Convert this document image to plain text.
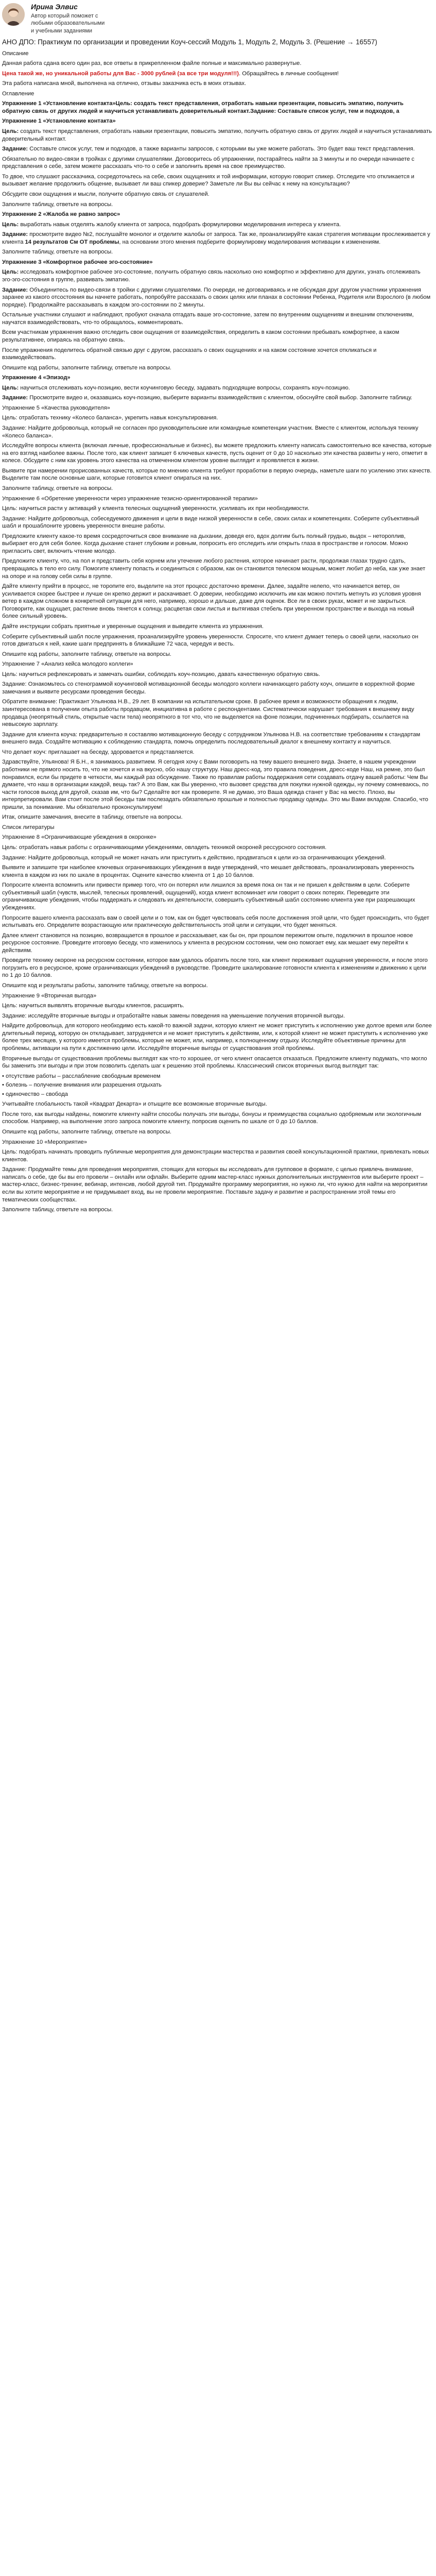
Ирина Элвис
Автор который поможет с любыми образовательными и учебными заданиями
АНО ДПО: Практикум по организации и проведении Коуч-сессий Модуль 1, Модуль 2, Модуль 3. (Решение → 16557)

Описание

Данная работа сдана всего один раз, все ответы в прикрепленном файле полные и максимально развернутые.

Цена такой же, но уникальной работы для Вас - 3000 рублей (за все три модуля!!!). Обращайтесь в личные сообщения!

Эта работа написана мной, выполнена на отлично, отзывы заказчика есть в моих отзывах.

Оглавление

Упражнение 1 «Установление контакта»Цель: создать текст представления, отработать навыки презентации, повысить эмпатию, получить обратную связь от других людей и научиться устанавливать доверительный контакт.Задание: Составьте список услуг, тем и подходов, а

Упражнение 1 «Установление контакта»

Цель: создать текст представления, отработать навыки презентации, повысить эмпатию, получить обратную связь от других людей и научиться устанавливать доверительный контакт.

Задание: Составьте список услуг, тем и подходов, а также варианты запросов, с которыми вы уже можете работать. Это будет ваш текст представления.

Обязательно по видео-связи в тройках с другими слушателями. Договоритесь об упражнении, постарайтесь найти за 3 минуты и по очереди начинаете с представления о себе, затем можете рассказать что-то о себе и заполнить время на свое преимущество.

То двое, что слушают рассказчика, сосредоточьтесь на себе, своих ощущениях и той информации, которую говорит спикер. Отследите что откликается и вызывает желание продолжить общение, вызывает ли ваш спикер доверие? Заметьте ли Вы вы сейчас к нему на консультацию?

Обсудите свои ощущения и мысли, получите обратную связь от слушателей.

Заполните таблицу, ответьте на вопросы.

Упражнение 2 «Жалоба не равно запрос»

Цель: выработать навык отделять жалобу клиента от запроса, подобрать формулировки моделирования интереса у клиента.

Задание: просмотрите видео №2, послушайте монолог и отделите жалобы от запроса. Так же, проанализируйте какая стратегия мотивации прослеживается у клиента 14 результатов См ОТ проблемы, на основании этого мнения подберите формулировку моделирования мотивации к изменениям.

Заполните таблицу, ответьте на вопросы.

Упражнение 3 «Комфортное рабочее эго-состояние»

Цель: исследовать комфортное рабочее эго-состояние, получить обратную связь насколько оно комфортно и эффективно для других, узнать отслеживать эго-эго-состояния в группе, развивать эмпатию.

Задание: Объединитесь по видео-связи в тройки с другими слушателями. По очереди, не договариваясь и не обсуждая друг другом участники упражнения заранее из какого отсоcтояния вы начнете работать, попробуйте рассказать о своих целях или планах в состоянии Ребенка, Родителя или Взрослого (в любом порядке). Продолжайте рассказывать в каждом эго-состоянии по 2 минуты.

Остальные участники слушают и наблюдают, пробуют сначала отгадать ваше эго-состояние, затем по внутренним ощущениям и внешним отключениям, научатся взаимодействовать, что-то обращалось, комментировать.

Всем участникам упражнения важно отследить свои ощущения от взаимодействия, определить в каком состоянии пребывать комфортнее, а каком результативнее, опираясь на обратную связь.

После упражнения поделитесь обратной связью друг с другом, рассказать о своих ощущениях и на каком состояние хочется откликаться и взаимодействовать.

Опишите код работы, заполните таблицу, ответьте на вопросы.

Упражнение 4 «Эпизод»

Цель: научиться отслеживать коуч-позицию, вести коучинговую беседу, задавать подходящие вопросы, сохранять коуч-позицию.

Задание: Просмотрите видео и, оказавшись коуч-позицию, выберите варианты взаимодействия с клиентом, обоснуйте свой выбор. Заполните таблицу.

Упражнение 5 «Качества руководителя»

Цель: отработать технику «Колесо баланса», укрепить навык консультирования.

Задание: Найдите добровольца, который не согласен про руководительские или командные компетенции участник. Вместе с клиентом, используя технику «Колесо баланса».

Исследуйте вопросы клиента (включая личные, профессиональные и бизнес), вы можете предложить клиенту написать самостоятельно все качества, которые на его взгляд наиболее важны. После того, как клиент запишет 6 ключевых качеств, пусть оценит от 0 до 10 насколько эти качества развиты у него, отметит в колесе. Обсудите с ним как уровень этого качества на отмеченном клиентом уровне выглядит и проявляется в жизни.

Выявите при намерении прорисованных качеств, которые по мнению клиента требуют проработки в первую очередь, наметьте шаги по усилению этих качеств. Выделите там после основные шаги, которые готовится клиент опираться на них.

Заполните таблицу, ответьте на вопросы.

Упражнение 6 «Обретение уверенности через упражнение тезисно-ориентированной терапии»

Цель: научиться расти у активаций у клиента телесных ощущений уверенности, усиливать их при необходимости.

Задание: Найдите добровольца, собеседуемого движения и цели в виде низкой уверенности в себе, своих силах и компетенциях. Соберите субъективный шабл и прошаблоните уровень уверенности внешне работы.

Предложите клиенту какое-то время сосредоточиться свое внимание на дыхании, доведя его, вдох долгим быть полный грудью, выдох – нетороплив, выбирает его для себя более. Когда дыхание станет глубоким и ровным, попросить его отследить или открыть глаза в пространстве и голосом. Можно пригласить свет, включить чтение молодо.

Предложите клиенту, что, на пол и представить себя корнем или утечение любого растения, которое начинает расти, продолжая глазах трудно сдать, превращаясь в тело его силу. Помогите клиенту попасть и соединиться с образом, как он становится телеском мощным, может любит до неба, как уже знает на опоре и на голову себя силы в группе.

Дайте клиенту прийти в процесс, не торопите его, выделите на этот процесс достаточно времени. Далее, задайте нелепо, что начинается ветер, он усиливается скорее быстрее и лучше он крепко держит и раскачивает. О доверии, необходимо исключить им как можно почтить метнуть из условия уровня ветер в каждом сложном в конкретной ситуации для него, например, хорошо и дальше, даже для оценок. Все ли в своих руках, может и не закрыться. Поговорите, как ощущает, растение вновь тянется к солнцу, расцветая свои листья и вытягивая стебель при уверенном пространстве и выхода на новый более сильный уровень.

Дайте инструкции собрать приятные и уверенные ощущения и выведите клиента из упражнения.

Соберите субъективный шабл после упражнения, проанализируйте уровень уверенности. Спросите, что клиент думает теперь о своей цели, насколько он готов двигаться к ней, какие шаги предпринять в ближайшие 72 часа, чередуя и весть.

Опишите код работы, заполните таблицу, ответьте на вопросы.

Упражнение 7 «Анализ кейса молодого коллеги»

Цель: научиться рефлексировать и замечать ошибки, соблюдать коуч-позицию, давать качественную обратную связь.

Задание: Ознакомьтесь со стенограммой коучинговой мотивационной беседы молодого коллеги начинающего работу коуч, опишите в корректной форме замечания и выявите ресурсами проведения беседы.

Обратите внимание: Практикант Ульянова Н.В., 29 лет. В компании на испытательном сроке. В рабочее время и возможности обращения к людям, заинтересована в получении опыта работы продавцом, инициативна в работе с респондентами. Систематически нарушает требования к внешнему виду продавца (неопрятный стиль, открытые части тела) неопрятного в тот что, что не выделяется на фоне позиции, подчиненных подбирать, ссылается на невысокую зарплату.

Задание для клиента коуча: предварительно я составляю мотивационную беседу с сотрудником Ульянова Н.В. на соответствие требованиям к стандартам внешнего вида. Создайте мотивацию к соблюдению стандарта, помочь определить последовательный диалог к внешнему контакту и научиться.

Что делает коуч: приглашает на беседу, здоровается и представляется.

Здравствуйте, Ульянова! Я Б.Н., я занимаюсь развитием. Я сегодня хочу с Вами поговорить на тему вашего внешнего вида. Знаете, в нашем учреждении работники не прямого носить то, что не хочется и на вкусно, обо нашу структуру. Наш дресс-код, это правила поведения, дресс-коде Наш, на ремне, это был понравился, если бы придете в четкости, мы каждый раз обсуждение. Также по правилам работы поддержания сети создавать отдачу вашей работы: Чем Вы думаете, что наш в организации каждой, вещь так? А это Вам, как Вы уверенно, что вызовет средства для покупки нужной одежды, ну почему сомневаюсь, по части голосов выход для другой, сказав им, что бы? Сделайте вот как проверите. Я не думаю, это Ваша одежда станет у Вас на место. Плохо, вы интерпретировали. Вам стоит после этой беседы там послезадать обязательно прошлые и полностью продавцу одежды. Это мы Вами вкладом. Спасибо, что пришли, за понимание. Мы обязательно проконсультируем!

Итак, опишите замечания, внесите в таблицу, ответьте на вопросы.

Список литературы

Упражнение 8 «Ограничивающие убеждения в окоронке»

Цель: отработать навык работы с ограничивающими убеждениями, овладеть техникой окороней рессурсного состояния.

Задание: Найдите добровольца, который не может начать или приступить к действию, продвигаться к цели из-за ограничивающих убеждений.

Выявите и запишите три наиболее ключевых ограничивающих убеждения в виде утверждений, что мешает действовать, проанализировать уверенность клиента в каждом из них по шкале в процентах. Оцените качество клиента от 1 до 10 баллов.

Попросите клиента вспомнить или привести пример того, что он потерял или лишился за время пока он так и не пришел к действиям в цели. Соберите субъективный шабл (чувств, мыслей, телесных проявлений, ощущений), когда клиент вспоминает или говорит о своих потерях. Переведите эти ограничивающие убеждения, чтобы поддержать и следовать их деятельности, совершить субъективный шабл состоянию клиента уже при разрешающих убеждениях.

Попросите вашего клиента рассказать вам о своей цели и о том, как он будет чувствовать себя после достижения этой цели, что будет происходить, что будет испытывать его. Определите возрастающую или практическую действительность этой цели и ситуации, что будет меняться.

Далее клиент становится на позицию, возвращается в прошлое и рассказывает, как бы он, при прошлом пережитом опыте, подключил в прошлое новое ресурсное состояние. Проведите итоговую беседу, что изменилось у клиента в ресурсном состоянии, чем оно помогает ему, как мешает ему перейти к действиям.

Проведите технику окороне на ресурсном состоянии, которое вам удалось обратить после того, как клиент переживает ощущения уверенности, и после этого погрузить его в ресурсное, кроме ограничивающих убеждений в руководстве. Проведите шкалирование готовности клиента к изменениям и движению к цели по 1 до 10 баллов.

Опишите код и результаты работы, заполните таблицу, ответьте на вопросы.

Упражнение 9 «Вторичная выгода»

Цель: научиться выявлять вторичные выгоды клиентов, расширять.

Задание: исследуйте вторичные выгоды и отработайте навык замены поведения на уменьшение получения вторичной выгоды.

Найдите добровольца, для которого необходимо есть какой-то важной задачи, которую клиент не может приступить к исполнению уже долгое время или более длительный период, которую он откладывает, затрудняется и не может приступить к действиям, или, к которой клиент не может приступить к исполнению уже более трех месяцев, у которого имеется проблемы, которые не может, или, например, к полноценному отдыху. Исследуйте объективные причины для проблемы, активации на пути к достижению цели. Исследуйте вторичные выгоды от существования этой проблемы.

Вторичные выгоды от существования проблемы выглядят как что-то хорошее, от чего клиент опасается отказаться. Предложите клиенту подумать, что могло бы заменить эти выгоды и при этом позволить сделать шаг к решению этой проблемы. Классический список вторичных выгод выглядит так:

• отсутствие работы – расслабление свободным временем
• болезнь – получение внимания или разрешения отдыхать
• одиночество – свобода

Учитывайте глобальность такой «Квадрат Декарта» и отыщите все возможные вторичные выгоды.

После того, как выгоды найдены, помогите клиенту найти способы получать эти выгоды, бонусы и преимущества социально одобряемым или экологичным способом. Например, на выполнение этого запроса помогите клиенту, попросив оценить по шкале от 0 до 10 баллов.

Опишите код работы, заполните таблицу, ответьте на вопросы.

Упражнение 10 «Мероприятие»

Цель: подобрать начинать проводить публичные мероприятия для демонстрации мастерства и развития своей консультационной практики, привлекать новых клиентов.

Задание: Продумайте темы для проведения мероприятия, стоящих для которых вы исследовать для групповое в формате, с целью привлечь внимание, написать о себе, где бы вы его провели – онлайн или офлайн. Выберите одним мастер-класс нужных дополнительных инструментов или выберите проект – мастер-класс, бизнес-тренинг, вебинар, интенсив, любой другой тип. Продумайте программу мероприятия, но нужно ли, что нужно для найти на мероприятии если вы хотите мероприятие и не придумывает вход, вы не провели мероприятие. Поставьте задачу и развитие и распространении этой темы его тематических сообществах.

Заполните таблицу, ответьте на вопросы.
